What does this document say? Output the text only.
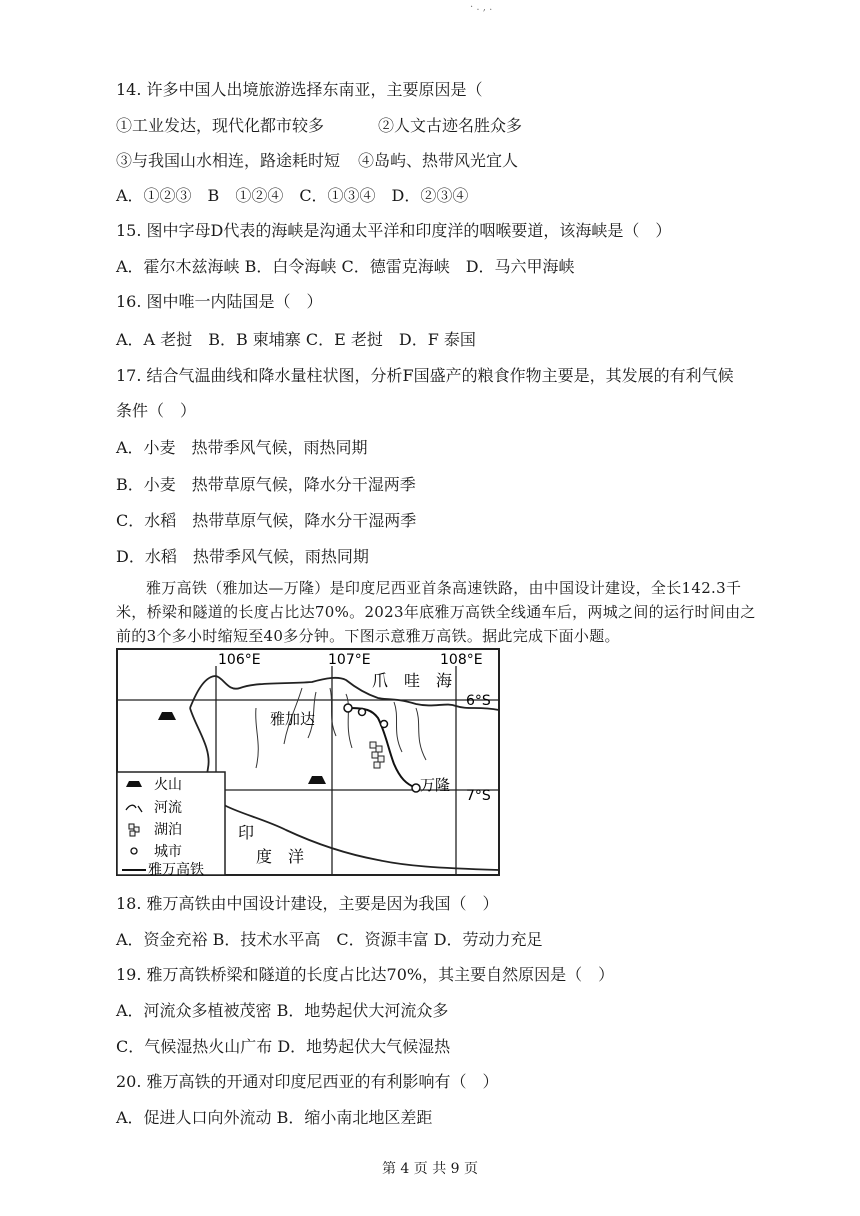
· . , .
14. 许多中国人出境旅游选择东南亚，主要原因是（
①工业发达，现代化都市较多	②人文古迹名胜众多
③与我国山水相连，路途耗时短 ④岛屿、热带风光宜人
A．①②③　B　①②④　C．①③④　D．②③④
15. 图中字母D代表的海峡是沟通太平洋和印度洋的咽喉要道，该海峡是（　）
A．霍尔木兹海峡 B．白令海峡 C．德雷克海峡　D．马六甲海峡
16. 图中唯一内陆国是（　）
A．A 老挝　B．B 柬埔寨 C．E 老挝　D．F 泰国
17. 结合气温曲线和降水量柱状图，分析F国盛产的粮食作物主要是，其发展的有利气候
条件（　）
A．小麦　热带季风气候，雨热同期
B．小麦　热带草原气候，降水分干湿两季
C．水稻　热带草原气候，降水分干湿两季
D．水稻　热带季风气候，雨热同期
雅万高铁（雅加达—万隆）是印度尼西亚首条高速铁路，由中国设计建设，全长142.3千米，桥梁和隧道的长度占比达70%。2023年底雅万高铁全线通车后，两城之间的运行时间由之前的3个多小时缩短至40多分钟。下图示意雅万高铁。据此完成下面小题。
106°E	107°E	108°E
6°S
7°S
爪　哇　海
雅加达
万隆
印
度　洋
火山
河流
湖泊
城市
雅万高铁
18. 雅万高铁由中国设计建设，主要是因为我国（　）
A．资金充裕 B．技术水平高　C．资源丰富 D．劳动力充足
19. 雅万高铁桥梁和隧道的长度占比达70%，其主要自然原因是（　）
A．河流众多植被茂密 B．地势起伏大河流众多
C．气候湿热火山广布 D．地势起伏大气候湿热
20. 雅万高铁的开通对印度尼西亚的有利影响有（　）
A．促进人口向外流动 B．缩小南北地区差距
第 4 页 共 9 页
